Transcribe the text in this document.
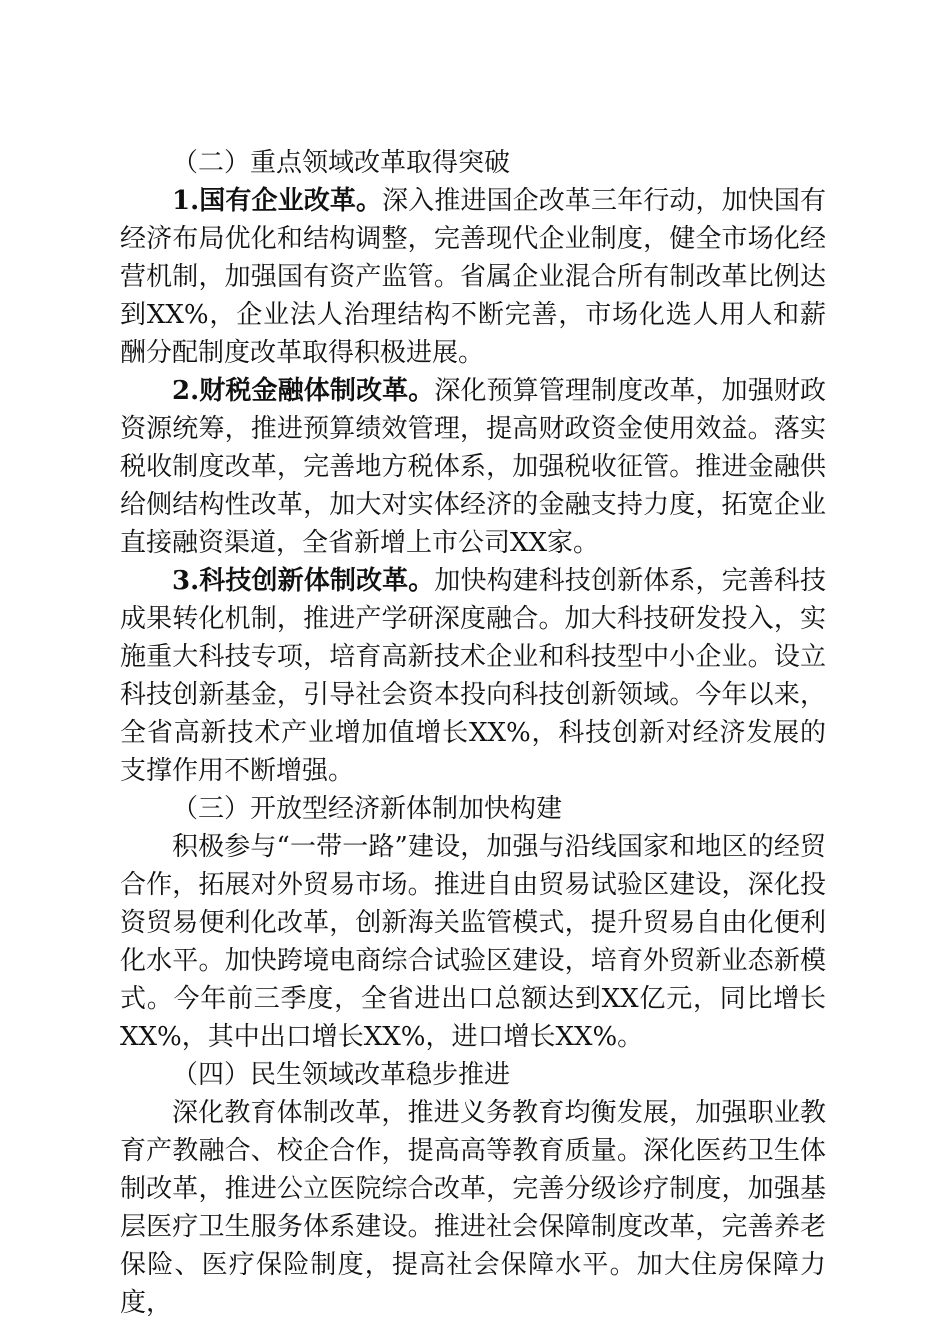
（二）重点领域改革取得突破

1.国有企业改革。深入推进国企改革三年行动，加快国有经济布局优化和结构调整，完善现代企业制度，健全市场化经营机制，加强国有资产监管。省属企业混合所有制改革比例达到XX%，企业法人治理结构不断完善，市场化选人用人和薪酬分配制度改革取得积极进展。

2.财税金融体制改革。深化预算管理制度改革，加强财政资源统筹，推进预算绩效管理，提高财政资金使用效益。落实税收制度改革，完善地方税体系，加强税收征管。推进金融供给侧结构性改革，加大对实体经济的金融支持力度，拓宽企业直接融资渠道，全省新增上市公司XX家。

3.科技创新体制改革。加快构建科技创新体系，完善科技成果转化机制，推进产学研深度融合。加大科技研发投入，实施重大科技专项，培育高新技术企业和科技型中小企业。设立科技创新基金，引导社会资本投向科技创新领域。今年以来，全省高新技术产业增加值增长XX%，科技创新对经济发展的支撑作用不断增强。

（三）开放型经济新体制加快构建

积极参与“一带一路”建设，加强与沿线国家和地区的经贸合作，拓展对外贸易市场。推进自由贸易试验区建设，深化投资贸易便利化改革，创新海关监管模式，提升贸易自由化便利化水平。加快跨境电商综合试验区建设，培育外贸新业态新模式。今年前三季度，全省进出口总额达到XX亿元，同比增长XX%，其中出口增长XX%，进口增长XX%。

（四）民生领域改革稳步推进

深化教育体制改革，推进义务教育均衡发展，加强职业教育产教融合、校企合作，提高高等教育质量。深化医药卫生体制改革，推进公立医院综合改革，完善分级诊疗制度，加强基层医疗卫生服务体系建设。推进社会保障制度改革，完善养老保险、医疗保险制度，提高社会保障水平。加大住房保障力度，
